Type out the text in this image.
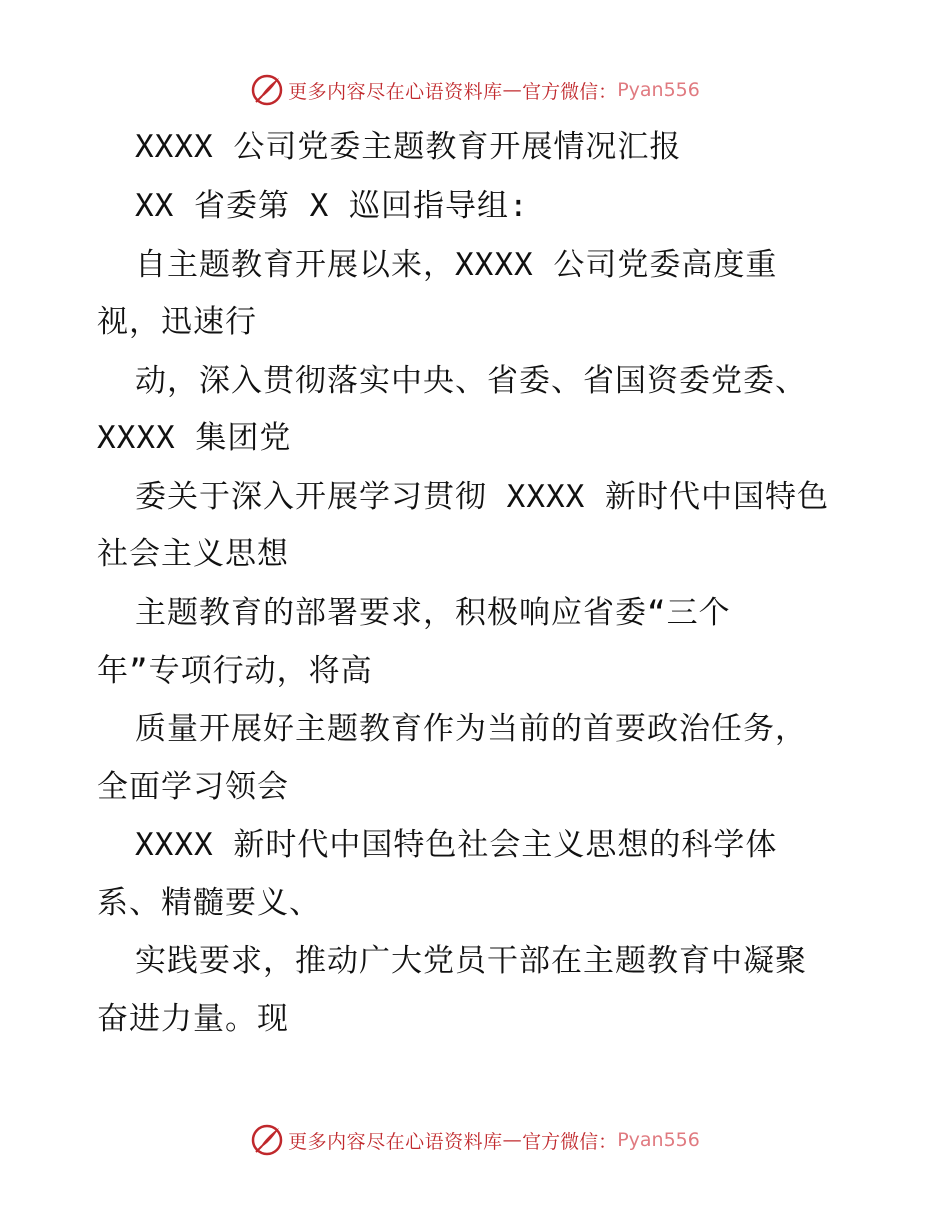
更多内容尽在心语资料库 — 官方微信： Pyan556
XXXX 公司党委主题教育开展情况汇报
XX 省委第 X 巡回指导组:
自主题教育开展以来，XXXX 公司党委高度重
视，迅速行
动，深入贯彻落实中央、省委、省国资委党委、
XXXX 集团党
委关于深入开展学习贯彻 XXXX 新时代中国特色
社会主义思想
主题教育的部署要求，积极响应省委“三个
年”专项行动，将高
质量开展好主题教育作为当前的首要政治任务，
全面学习领会
XXXX 新时代中国特色社会主义思想的科学体
系、精髓要义、
实践要求，推动广大党员干部在主题教育中凝聚
奋进力量。现
更多内容尽在心语资料库 — 官方微信： Pyan556
